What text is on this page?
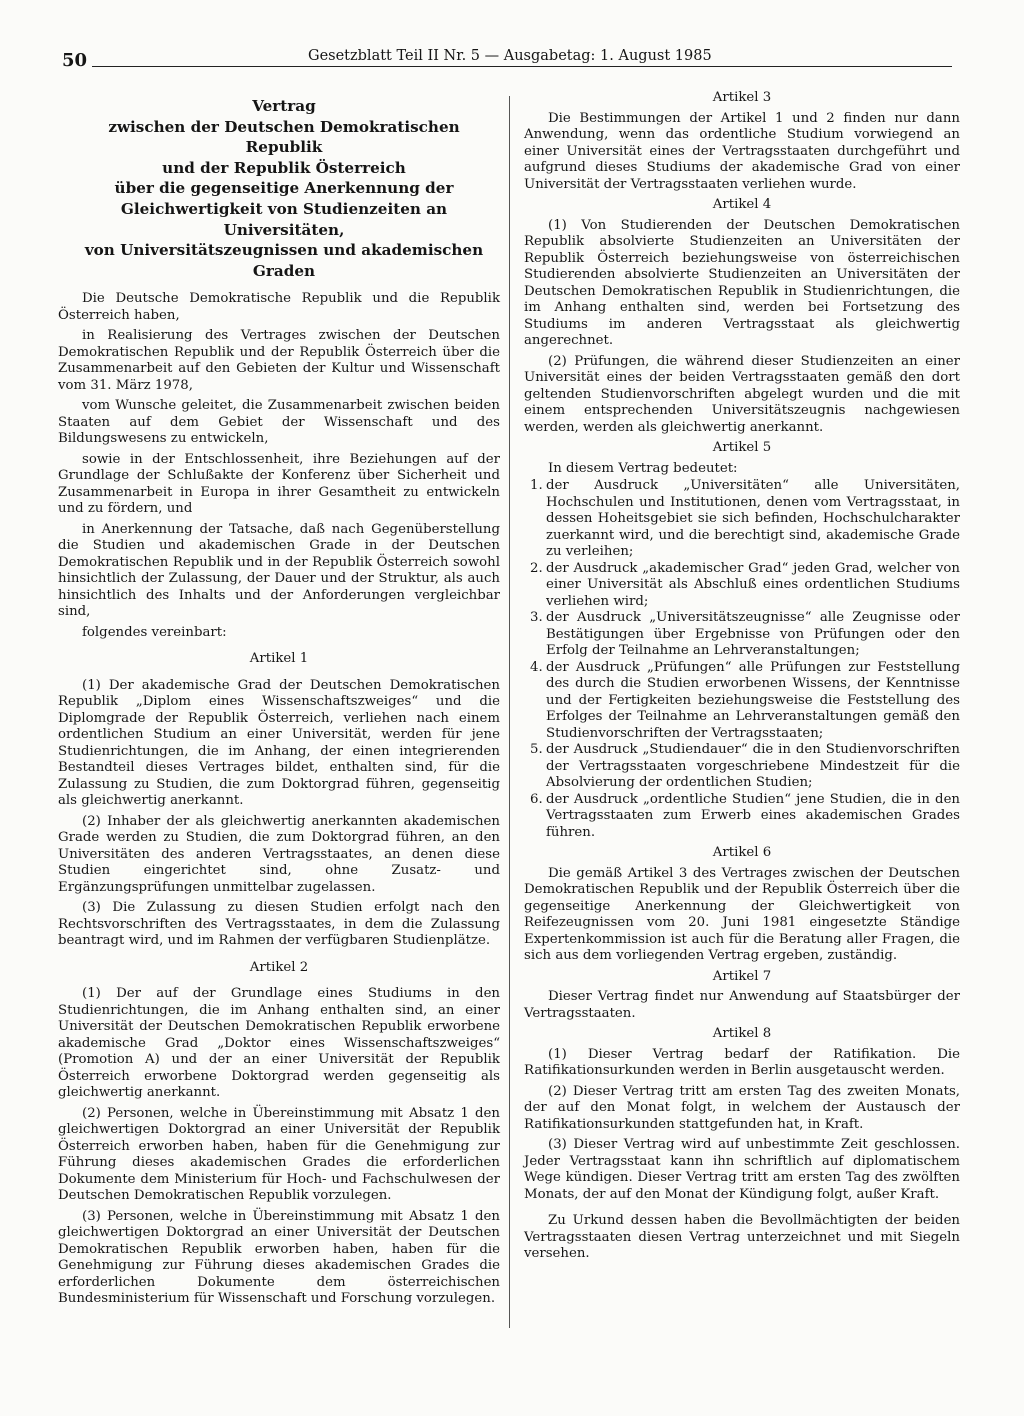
50	Gesetzblatt Teil II Nr. 5 — Ausgabetag: 1. August 1985
Vertrag
zwischen der Deutschen Demokratischen Republik
und der Republik Österreich
über die gegenseitige Anerkennung der
Gleichwertigkeit von Studienzeiten an Universitäten,
von Universitätszeugnissen und akademischen
Graden

Die Deutsche Demokratische Republik und die Republik Österreich haben,

in Realisierung des Vertrages zwischen der Deutschen Demokratischen Republik und der Republik Österreich über die Zusammenarbeit auf den Gebieten der Kultur und Wissenschaft vom 31. März 1978,

vom Wunsche geleitet, die Zusammenarbeit zwischen beiden Staaten auf dem Gebiet der Wissenschaft und des Bildungswesens zu entwickeln,

sowie in der Entschlossenheit, ihre Beziehungen auf der Grundlage der Schlußakte der Konferenz über Sicherheit und Zusammenarbeit in Europa in ihrer Gesamtheit zu entwickeln und zu fördern, und

in Anerkennung der Tatsache, daß nach Gegenüberstellung die Studien und akademischen Grade in der Deutschen Demokratischen Republik und in der Republik Österreich sowohl hinsichtlich der Zulassung, der Dauer und der Struktur, als auch hinsichtlich des Inhalts und der Anforderungen vergleichbar sind,

folgendes vereinbart:

Artikel 1

(1) Der akademische Grad der Deutschen Demokratischen Republik „Diplom eines Wissenschaftszweiges“ und die Diplomgrade der Republik Österreich, verliehen nach einem ordentlichen Studium an einer Universität, werden für jene Studienrichtungen, die im Anhang, der einen integrierenden Bestandteil dieses Vertrages bildet, enthalten sind, für die Zulassung zu Studien, die zum Doktorgrad führen, gegenseitig als gleichwertig anerkannt.

(2) Inhaber der als gleichwertig anerkannten akademischen Grade werden zu Studien, die zum Doktorgrad führen, an den Universitäten des anderen Vertragsstaates, an denen diese Studien eingerichtet sind, ohne Zusatz- und Ergänzungsprüfungen unmittelbar zugelassen.

(3) Die Zulassung zu diesen Studien erfolgt nach den Rechtsvorschriften des Vertragsstaates, in dem die Zulassung beantragt wird, und im Rahmen der verfügbaren Studienplätze.

Artikel 2

(1) Der auf der Grundlage eines Studiums in den Studienrichtungen, die im Anhang enthalten sind, an einer Universität der Deutschen Demokratischen Republik erworbene akademische Grad „Doktor eines Wissenschaftszweiges“ (Promotion A) und der an einer Universität der Republik Österreich erworbene Doktorgrad werden gegenseitig als gleichwertig anerkannt.

(2) Personen, welche in Übereinstimmung mit Absatz 1 den gleichwertigen Doktorgrad an einer Universität der Republik Österreich erworben haben, haben für die Genehmigung zur Führung dieses akademischen Grades die erforderlichen Dokumente dem Ministerium für Hoch- und Fachschulwesen der Deutschen Demokratischen Republik vorzulegen.

(3) Personen, welche in Übereinstimmung mit Absatz 1 den gleichwertigen Doktorgrad an einer Universität der Deutschen Demokratischen Republik erworben haben, haben für die Genehmigung zur Führung dieses akademischen Grades die erforderlichen Dokumente dem österreichischen Bundesministerium für Wissenschaft und Forschung vorzulegen.

Artikel 3

Die Bestimmungen der Artikel 1 und 2 finden nur dann Anwendung, wenn das ordentliche Studium vorwiegend an einer Universität eines der Vertragsstaaten durchgeführt und aufgrund dieses Studiums der akademische Grad von einer Universität der Vertragsstaaten verliehen wurde.

Artikel 4

(1) Von Studierenden der Deutschen Demokratischen Republik absolvierte Studienzeiten an Universitäten der Republik Österreich beziehungsweise von österreichischen Studierenden absolvierte Studienzeiten an Universitäten der Deutschen Demokratischen Republik in Studienrichtungen, die im Anhang enthalten sind, werden bei Fortsetzung des Studiums im anderen Vertragsstaat als gleichwertig angerechnet.

(2) Prüfungen, die während dieser Studienzeiten an einer Universität eines der beiden Vertragsstaaten gemäß den dort geltenden Studienvorschriften abgelegt wurden und die mit einem entsprechenden Universitätszeugnis nachgewiesen werden, werden als gleichwertig anerkannt.

Artikel 5
In diesem Vertrag bedeutet:
1. der Ausdruck „Universitäten“ alle Universitäten, Hochschulen und Institutionen, denen vom Vertragsstaat, in dessen Hoheitsgebiet sie sich befinden, Hochschulcharakter zuerkannt wird, und die berechtigt sind, akademische Grade zu verleihen;
2. der Ausdruck „akademischer Grad“ jeden Grad, welcher von einer Universität als Abschluß eines ordentlichen Studiums verliehen wird;
3. der Ausdruck „Universitätszeugnisse“ alle Zeugnisse oder Bestätigungen über Ergebnisse von Prüfungen oder den Erfolg der Teilnahme an Lehrveranstaltungen;
4. der Ausdruck „Prüfungen“ alle Prüfungen zur Feststellung des durch die Studien erworbenen Wissens, der Kenntnisse und der Fertigkeiten beziehungsweise die Feststellung des Erfolges der Teilnahme an Lehrveranstaltungen gemäß den Studienvorschriften der Vertragsstaaten;
5. der Ausdruck „Studiendauer“ die in den Studienvorschriften der Vertragsstaaten vorgeschriebene Mindestzeit für die Absolvierung der ordentlichen Studien;
6. der Ausdruck „ordentliche Studien“ jene Studien, die in den Vertragsstaaten zum Erwerb eines akademischen Grades führen.
Artikel 6

Die gemäß Artikel 3 des Vertrages zwischen der Deutschen Demokratischen Republik und der Republik Österreich über die gegenseitige Anerkennung der Gleichwertigkeit von Reifezeugnissen vom 20. Juni 1981 eingesetzte Ständige Expertenkommission ist auch für die Beratung aller Fragen, die sich aus dem vorliegenden Vertrag ergeben, zuständig.

Artikel 7

Dieser Vertrag findet nur Anwendung auf Staatsbürger der Vertragsstaaten.

Artikel 8

(1) Dieser Vertrag bedarf der Ratifikation. Die Ratifikationsurkunden werden in Berlin ausgetauscht werden.

(2) Dieser Vertrag tritt am ersten Tag des zweiten Monats, der auf den Monat folgt, in welchem der Austausch der Ratifikationsurkunden stattgefunden hat, in Kraft.

(3) Dieser Vertrag wird auf unbestimmte Zeit geschlossen. Jeder Vertragsstaat kann ihn schriftlich auf diplomatischem Wege kündigen. Dieser Vertrag tritt am ersten Tag des zwölften Monats, der auf den Monat der Kündigung folgt, außer Kraft.

Zu Urkund dessen haben die Bevollmächtigten der beiden Vertragsstaaten diesen Vertrag unterzeichnet und mit Siegeln versehen.
